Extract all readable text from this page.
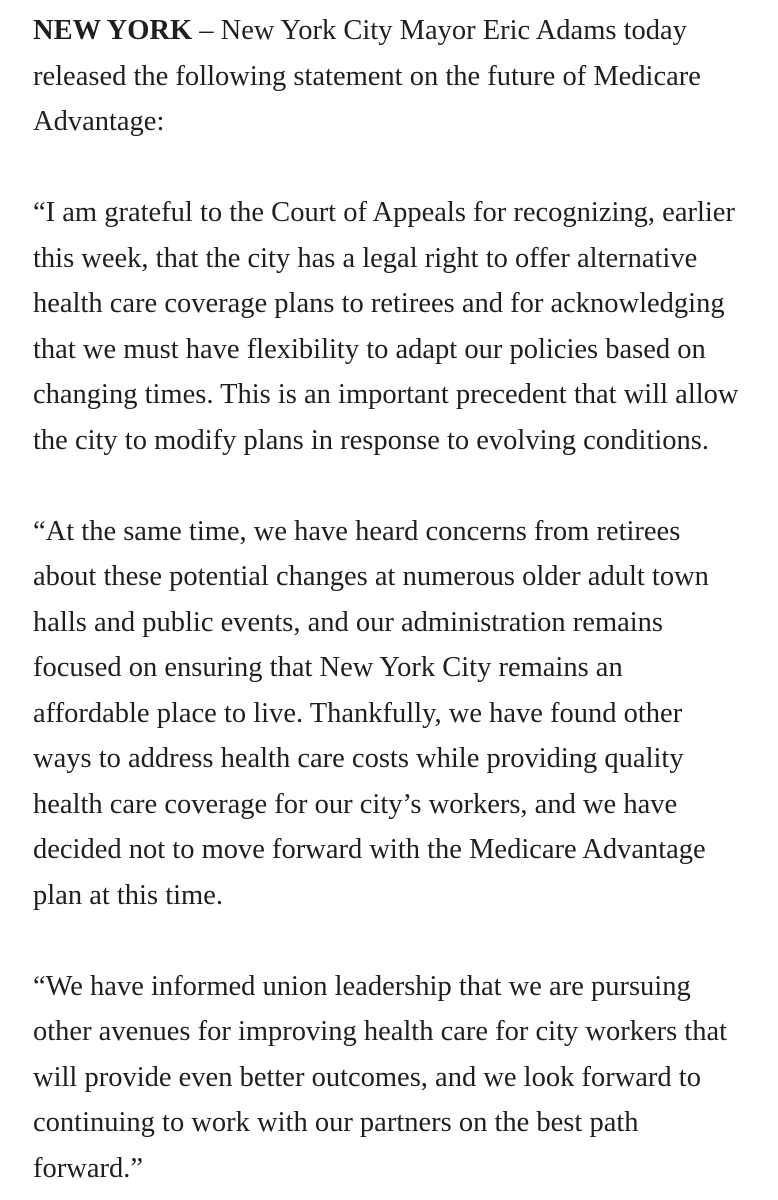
NEW YORK – New York City Mayor Eric Adams today released the following statement on the future of Medicare Advantage:

“I am grateful to the Court of Appeals for recognizing, earlier this week, that the city has a legal right to offer alternative health care coverage plans to retirees and for acknowledging that we must have flexibility to adapt our policies based on changing times. This is an important precedent that will allow the city to modify plans in response to evolving conditions.

“At the same time, we have heard concerns from retirees about these potential changes at numerous older adult town halls and public events, and our administration remains focused on ensuring that New York City remains an affordable place to live. Thankfully, we have found other ways to address health care costs while providing quality health care coverage for our city’s workers, and we have decided not to move forward with the Medicare Advantage plan at this time.

“We have informed union leadership that we are pursuing other avenues for improving health care for city workers that will provide even better outcomes, and we look forward to continuing to work with our partners on the best path forward.”
